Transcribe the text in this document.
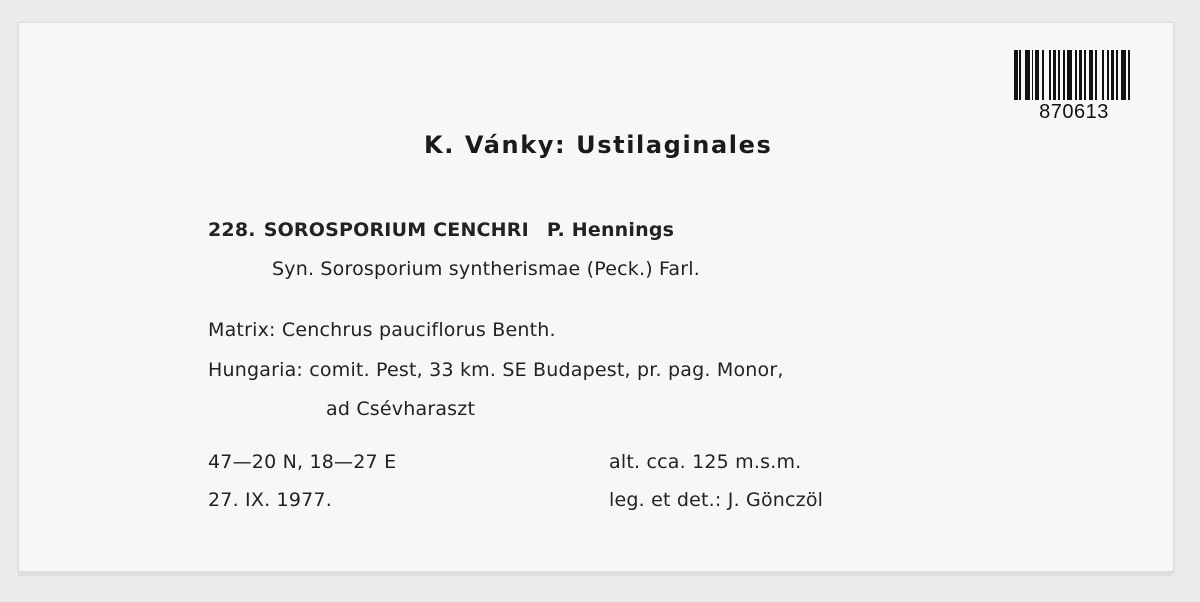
870613
K. Vánky: Ustilaginales
228. SOROSPORIUM CENCHRI P. Hennings
Syn. Sorosporium syntherismae (Peck.) Farl.
Matrix: Cenchrus pauciflorus Benth.
Hungaria: comit. Pest, 33 km. SE Budapest, pr. pag. Monor,
ad Csévharaszt
47—20 N, 18—27 E	alt. cca. 125 m.s.m.
27. IX. 1977.	leg. et det.: J. Gönczöl
